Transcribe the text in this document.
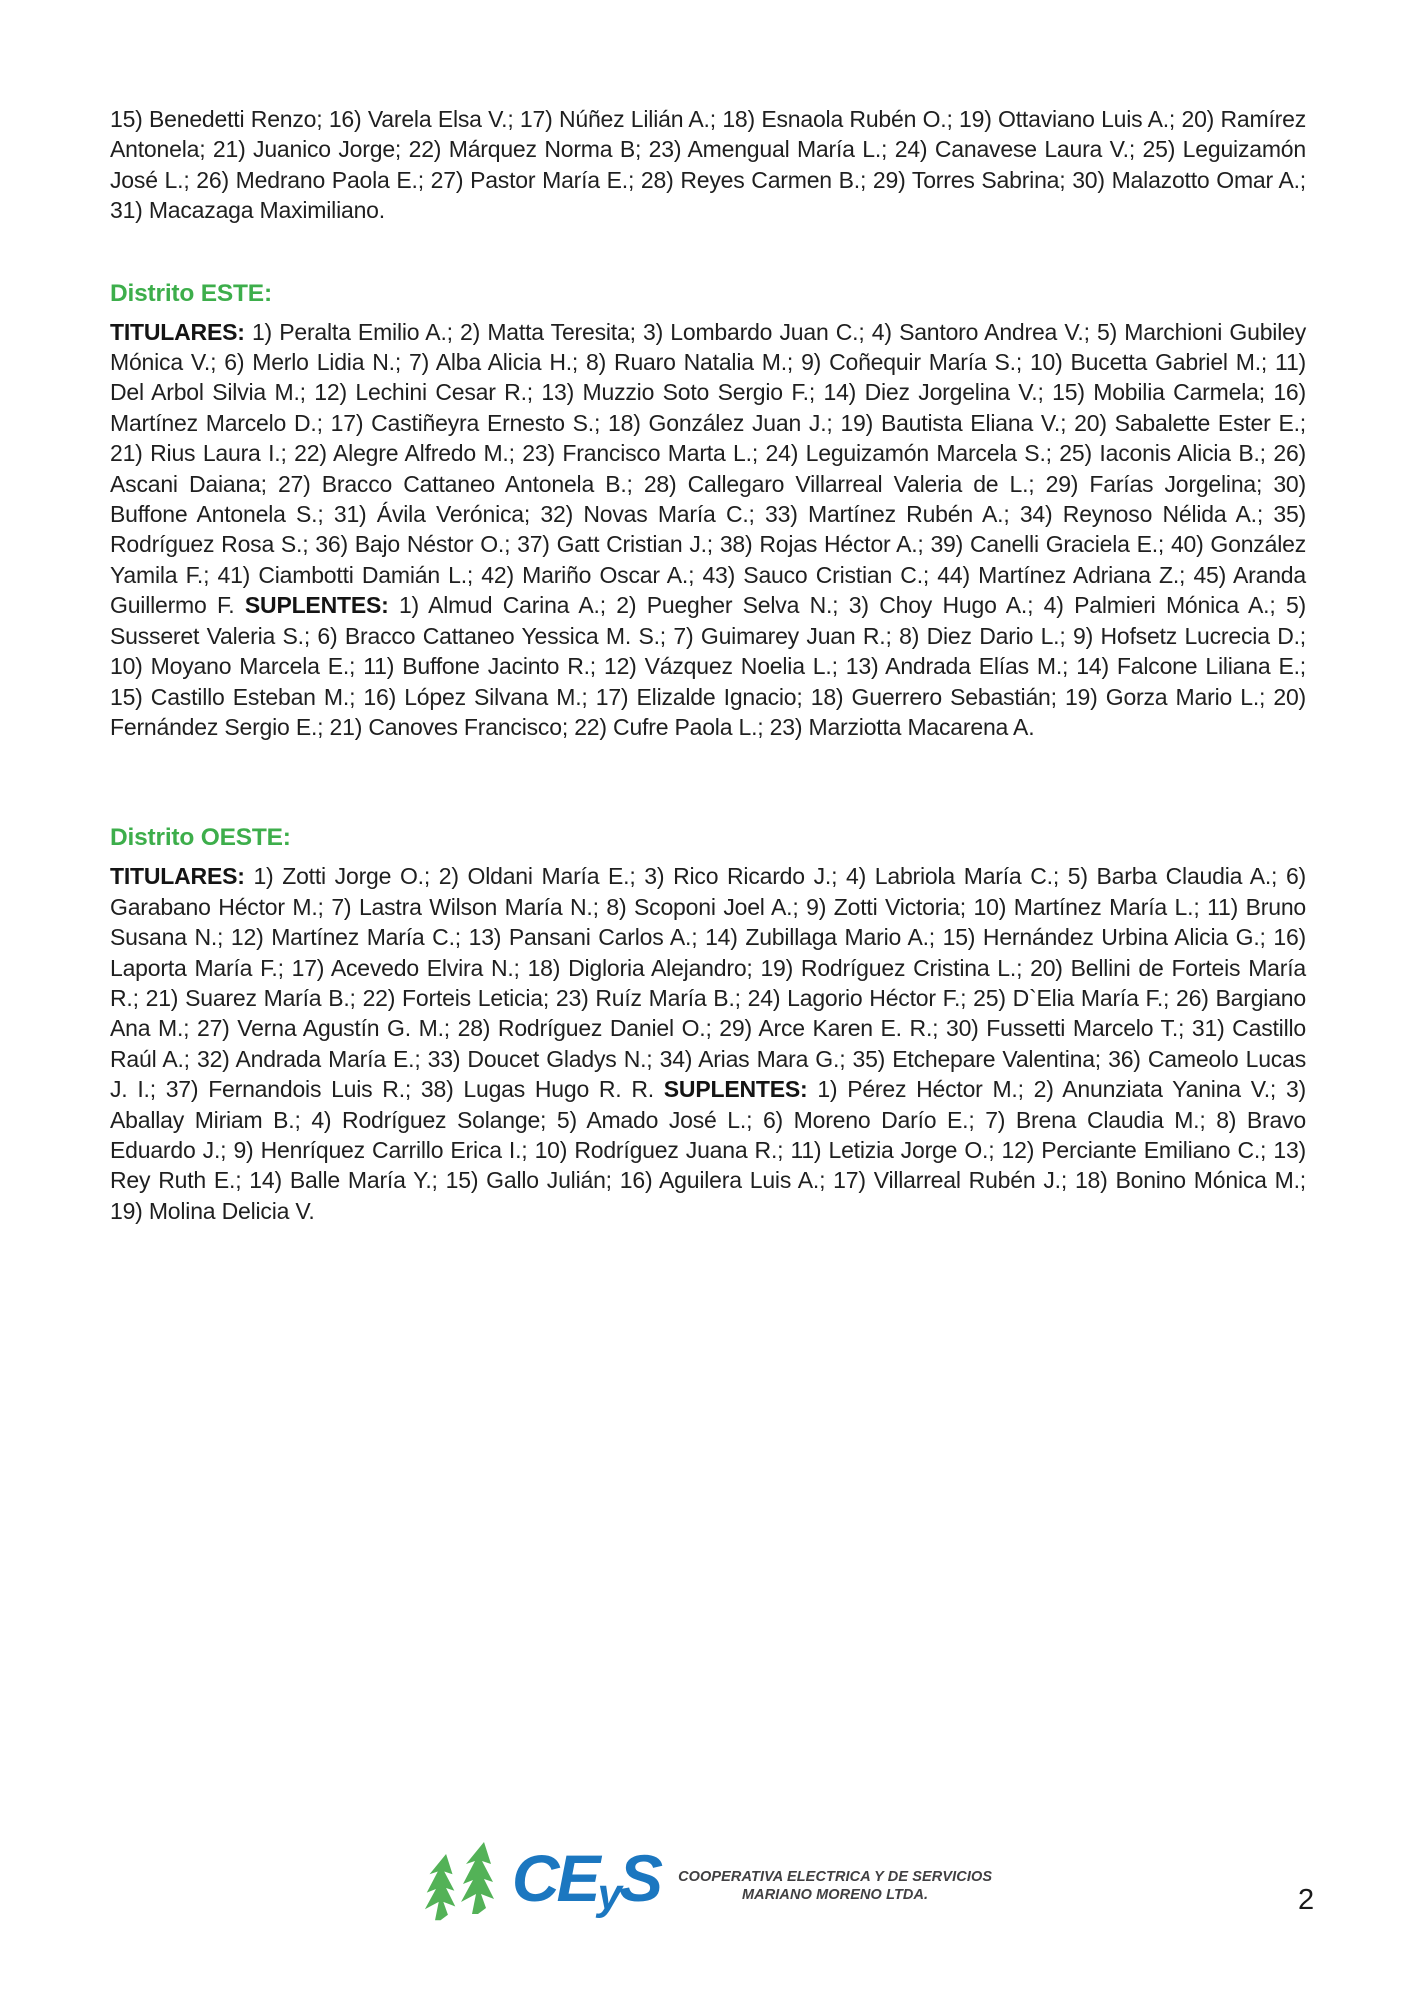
15) Benedetti Renzo; 16) Varela Elsa V.; 17) Núñez Lilián A.; 18) Esnaola Rubén O.; 19) Ottaviano Luis A.; 20) Ramírez Antonela; 21) Juanico Jorge; 22) Márquez Norma B; 23) Amengual María L.; 24) Canavese Laura V.; 25) Leguizamón José L.; 26) Medrano Paola E.; 27) Pastor María E.; 28) Reyes Carmen B.; 29) Torres Sabrina; 30) Malazotto Omar A.; 31) Macazaga Maximiliano.

Distrito ESTE:

TITULARES: 1) Peralta Emilio A.; 2) Matta Teresita; 3) Lombardo Juan C.; 4) Santoro Andrea V.; 5) Marchioni Gubiley Mónica V.; 6) Merlo Lidia N.; 7) Alba Alicia H.; 8) Ruaro Natalia M.; 9) Coñequir María S.; 10) Bucetta Gabriel M.; 11) Del Arbol Silvia M.; 12) Lechini Cesar R.; 13) Muzzio Soto Sergio F.; 14) Diez Jorgelina V.; 15) Mobilia Carmela; 16) Martínez Marcelo D.; 17) Castiñeyra Ernesto S.; 18) González Juan J.; 19) Bautista Eliana V.; 20) Sabalette Ester E.; 21) Rius Laura I.; 22) Alegre Alfredo M.; 23) Francisco Marta L.; 24) Leguizamón Marcela S.; 25) Iaconis Alicia B.; 26) Ascani Daiana; 27) Bracco Cattaneo Antonela B.; 28) Callegaro Villarreal Valeria de L.; 29) Farías Jorgelina; 30) Buffone Antonela S.; 31) Ávila Verónica; 32) Novas María C.; 33) Martínez Rubén A.; 34) Reynoso Nélida A.; 35) Rodríguez Rosa S.; 36) Bajo Néstor O.; 37) Gatt Cristian J.; 38) Rojas Héctor A.; 39) Canelli Graciela E.; 40) González Yamila F.; 41) Ciambotti Damián L.; 42) Mariño Oscar A.; 43) Sauco Cristian C.; 44) Martínez Adriana Z.; 45) Aranda Guillermo F. SUPLENTES: 1) Almud Carina A.; 2) Puegher Selva N.; 3) Choy Hugo A.; 4) Palmieri Mónica A.; 5) Susseret Valeria S.; 6) Bracco Cattaneo Yessica M. S.; 7) Guimarey Juan R.; 8) Diez Dario L.; 9) Hofsetz Lucrecia D.; 10) Moyano Marcela E.; 11) Buffone Jacinto R.; 12) Vázquez Noelia L.; 13) Andrada Elías M.; 14) Falcone Liliana E.; 15) Castillo Esteban M.; 16) López Silvana M.; 17) Elizalde Ignacio; 18) Guerrero Sebastián; 19) Gorza Mario L.; 20) Fernández Sergio E.; 21) Canoves Francisco; 22) Cufre Paola L.; 23) Marziotta Macarena A.

Distrito OESTE:

TITULARES: 1) Zotti Jorge O.; 2) Oldani María E.; 3) Rico Ricardo J.; 4) Labriola María C.; 5) Barba Claudia A.; 6) Garabano Héctor M.; 7) Lastra Wilson María N.; 8) Scoponi Joel A.; 9) Zotti Victoria; 10) Martínez María L.; 11) Bruno Susana N.; 12) Martínez María C.; 13) Pansani Carlos A.; 14) Zubillaga Mario A.; 15) Hernández Urbina Alicia G.; 16) Laporta María F.; 17) Acevedo Elvira N.; 18) Digloria Alejandro; 19) Rodríguez Cristina L.; 20) Bellini de Forteis María R.; 21) Suarez María B.; 22) Forteis Leticia; 23) Ruíz María B.; 24) Lagorio Héctor F.; 25) D`Elia María F.; 26) Bargiano Ana M.; 27) Verna Agustín G. M.; 28) Rodríguez Daniel O.; 29) Arce Karen E. R.; 30) Fussetti Marcelo T.; 31) Castillo Raúl A.; 32) Andrada María E.; 33) Doucet Gladys N.; 34) Arias Mara G.; 35) Etchepare Valentina; 36) Cameolo Lucas J. I.; 37) Fernandois Luis R.; 38) Lugas Hugo R. R. SUPLENTES: 1) Pérez Héctor M.; 2) Anunziata Yanina V.; 3) Aballay Miriam B.; 4) Rodríguez Solange; 5) Amado José L.; 6) Moreno Darío E.; 7) Brena Claudia M.; 8) Bravo Eduardo J.; 9) Henríquez Carrillo Erica I.; 10) Rodríguez Juana R.; 11) Letizia Jorge O.; 12) Perciante Emiliano C.; 13) Rey Ruth E.; 14) Balle María Y.; 15) Gallo Julián; 16) Aguilera Luis A.; 17) Villarreal Rubén J.; 18) Bonino Mónica M.; 19) Molina Delicia V.

CEyS COOPERATIVA ELECTRICA Y DE SERVICIOS
MARIANO MORENO LTDA.	2
